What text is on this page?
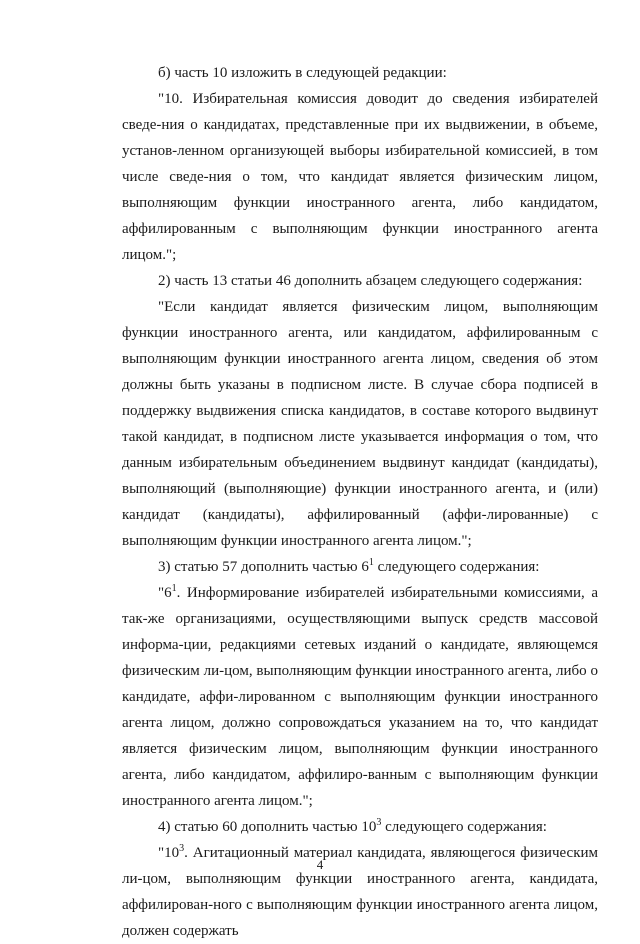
б) часть 10 изложить в следующей редакции:

"10. Избирательная комиссия доводит до сведения избирателей сведе-ния о кандидатах, представленные при их выдвижении, в объеме, установ-ленном организующей выборы избирательной комиссией, в том числе сведе-ния о том, что кандидат является физическим лицом, выполняющим функции иностранного агента, либо кандидатом, аффилированным с выполняющим функции иностранного агента лицом.";

2) часть 13 статьи 46 дополнить абзацем следующего содержания:

"Если кандидат является физическим лицом, выполняющим функции иностранного агента, или кандидатом, аффилированным с выполняющим функции иностранного агента лицом, сведения об этом должны быть указаны в подписном листе. В случае сбора подписей в поддержку выдвижения списка кандидатов, в составе которого выдвинут такой кандидат, в подписном листе указывается информация о том, что данным избирательным объединением выдвинут кандидат (кандидаты), выполняющий (выполняющие) функции иностранного агента, и (или) кандидат (кандидаты), аффилированный (аффи-лированные) с выполняющим функции иностранного агента лицом.";

3) статью 57 дополнить частью $6^1$ следующего содержания:

"$6^1$. Информирование избирателей избирательными комиссиями, а так-же организациями, осуществляющими выпуск средств массовой информа-ции, редакциями сетевых изданий о кандидате, являющемся физическим ли-цом, выполняющим функции иностранного агента, либо о кандидате, аффи-лированном с выполняющим функции иностранного агента лицом, должно сопровождаться указанием на то, что кандидат является физическим лицом, выполняющим функции иностранного агента, либо кандидатом, аффилиро-ванным с выполняющим функции иностранного агента лицом.";

4) статью 60 дополнить частью $10^3$ следующего содержания:

"$10^3$. Агитационный материал кандидата, являющегося физическим ли-цом, выполняющим функции иностранного агента, кандидата, аффилирован-ного с выполняющим функции иностранного агента лицом, должен содержать

4
